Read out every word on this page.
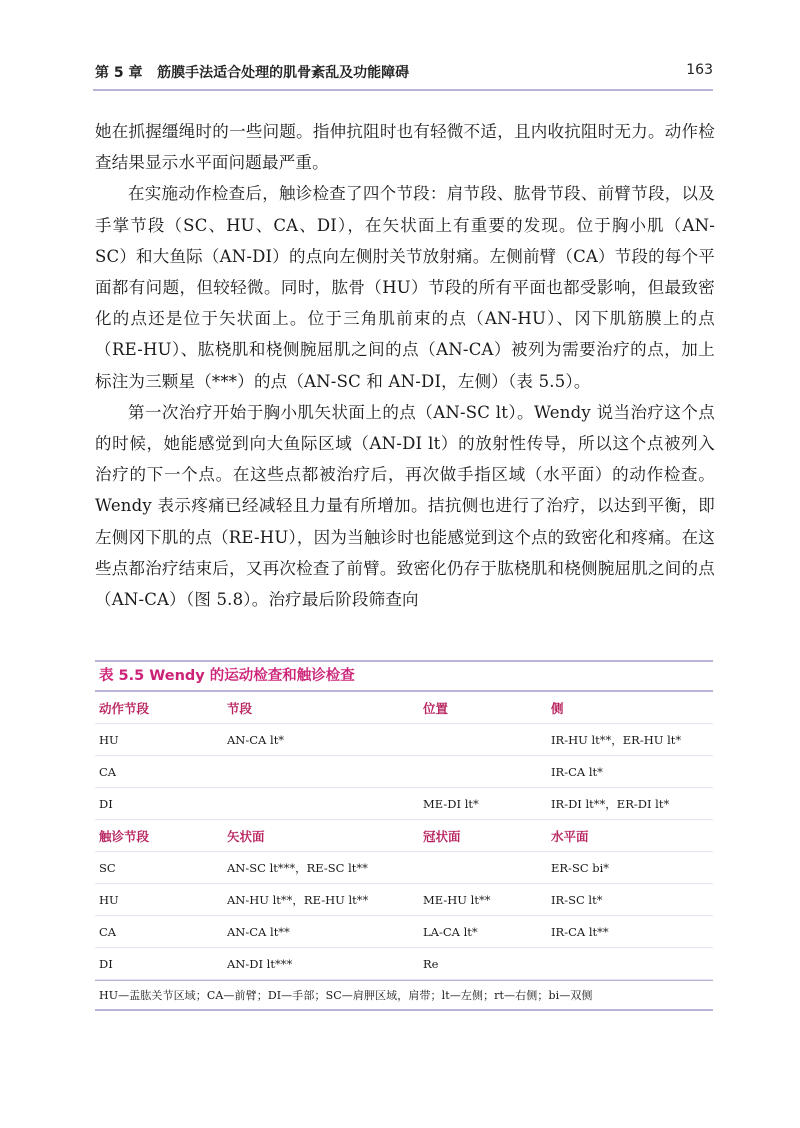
第 5 章 筋膜手法适合处理的肌骨紊乱及功能障碍	163

她在抓握缰绳时的一些问题。指伸抗阻时也有轻微不适，且内收抗阻时无力。动作检查结果显示水平面问题最严重。

在实施动作检查后，触诊检查了四个节段：肩节段、肱骨节段、前臂节段，以及手掌节段（SC、HU、CA、DI），在矢状面上有重要的发现。位于胸小肌（AN-SC）和大鱼际（AN-DI）的点向左侧肘关节放射痛。左侧前臂（CA）节段的每个平面都有问题，但较轻微。同时，肱骨（HU）节段的所有平面也都受影响，但最致密化的点还是位于矢状面上。位于三角肌前束的点（AN-HU）、冈下肌筋膜上的点（RE-HU）、肱桡肌和桡侧腕屈肌之间的点（AN-CA）被列为需要治疗的点，加上标注为三颗星（***）的点（AN-SC 和 AN-DI，左侧）（表 5.5）。

第一次治疗开始于胸小肌矢状面上的点（AN-SC lt）。Wendy 说当治疗这个点的时候，她能感觉到向大鱼际区域（AN-DI lt）的放射性传导，所以这个点被列入治疗的下一个点。在这些点都被治疗后，再次做手指区域（水平面）的动作检查。Wendy 表示疼痛已经减轻且力量有所增加。拮抗侧也进行了治疗，以达到平衡，即左侧冈下肌的点（RE-HU），因为当触诊时也能感觉到这个点的致密化和疼痛。在这些点都治疗结束后，又再次检查了前臂。致密化仍存于肱桡肌和桡侧腕屈肌之间的点（AN-CA）（图 5.8）。治疗最后阶段筛查向

表 5.5 Wendy 的运动检查和触诊检查
动作节段	节段	位置	侧
HU	AN-CA lt*		IR-HU lt**，ER-HU lt*
CA			IR-CA lt*
DI		ME-DI lt*	IR-DI lt**，ER-DI lt*
触诊节段	矢状面	冠状面	水平面
SC	AN-SC lt***，RE-SC lt**		ER-SC bi*
HU	AN-HU lt**，RE-HU lt**	ME-HU lt**	IR-SC lt*
CA	AN-CA lt**	LA-CA lt*	IR-CA lt**
DI	AN-DI lt***	Re	
HU—盂肱关节区域；CA—前臂；DI—手部；SC—肩胛区域，肩带；lt—左侧；rt—右侧；bi—双侧
